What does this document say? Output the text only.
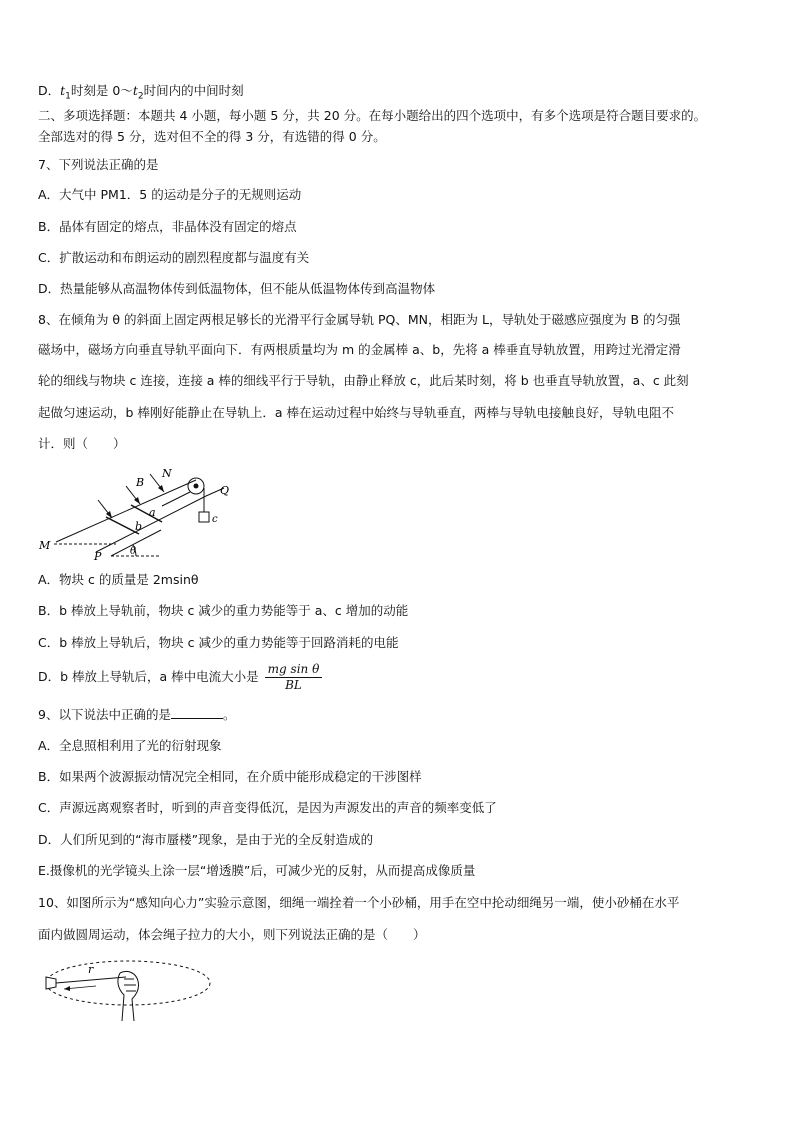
D．$t_1$时刻是 $0\sim t_2$时间内的中间时刻
二、多项选择题：本题共 4 小题，每小题 5 分，共 20 分。在每小题给出的四个选项中，有多个选项是符合题目要求的。
全部选对的得 5 分，选对但不全的得 3 分，有选错的得 0 分。
7、下列说法正确的是
A．大气中 PM1．5 的运动是分子的无规则运动
B．晶体有固定的熔点，非晶体没有固定的熔点
C．扩散运动和布朗运动的剧烈程度都与温度有关
D．热量能够从高温物体传到低温物体，但不能从低温物体传到高温物体
8、在倾角为 θ 的斜面上固定两根足够长的光滑平行金属导轨 PQ、MN，相距为 L，导轨处于磁感应强度为 B 的匀强
磁场中，磁场方向垂直导轨平面向下．有两根质量均为 m 的金属棒 a、b，先将 a 棒垂直导轨放置，用跨过光滑定滑
轮的细线与物块 c 连接，连接 a 棒的细线平行于导轨，由静止释放 c，此后某时刻，将 b 也垂直导轨放置，a、c 此刻
起做匀速运动，b 棒刚好能静止在导轨上．a 棒在运动过程中始终与导轨垂直，两棒与导轨电接触良好，导轨电阻不
计．则（　　）
B
N
Q
a
b
c
M
P	θ
A．物块 c 的质量是 2msinθ
B．b 棒放上导轨前，物块 c 减少的重力势能等于 a、c 增加的动能
C．b 棒放上导轨后，物块 c 减少的重力势能等于回路消耗的电能
D．b 棒放上导轨后，a 棒中电流大小是 $\frac{\text{mg sin θ}}{BL}$
9、以下说法中正确的是	。
A．全息照相利用了光的衍射现象
B．如果两个波源振动情况完全相同，在介质中能形成稳定的干涉图样
C．声源远离观察者时，听到的声音变得低沉，是因为声源发出的声音的频率变低了
D．人们所见到的“海市蜃楼”现象，是由于光的全反射造成的
E.摄像机的光学镜头上涂一层“增透膜”后，可减少光的反射，从而提高成像质量
10、如图所示为“感知向心力”实验示意图，细绳一端拴着一个小砂桶，用手在空中抡动细绳另一端，使小砂桶在水平
面内做圆周运动，体会绳子拉力的大小，则下列说法正确的是（　　）
r
